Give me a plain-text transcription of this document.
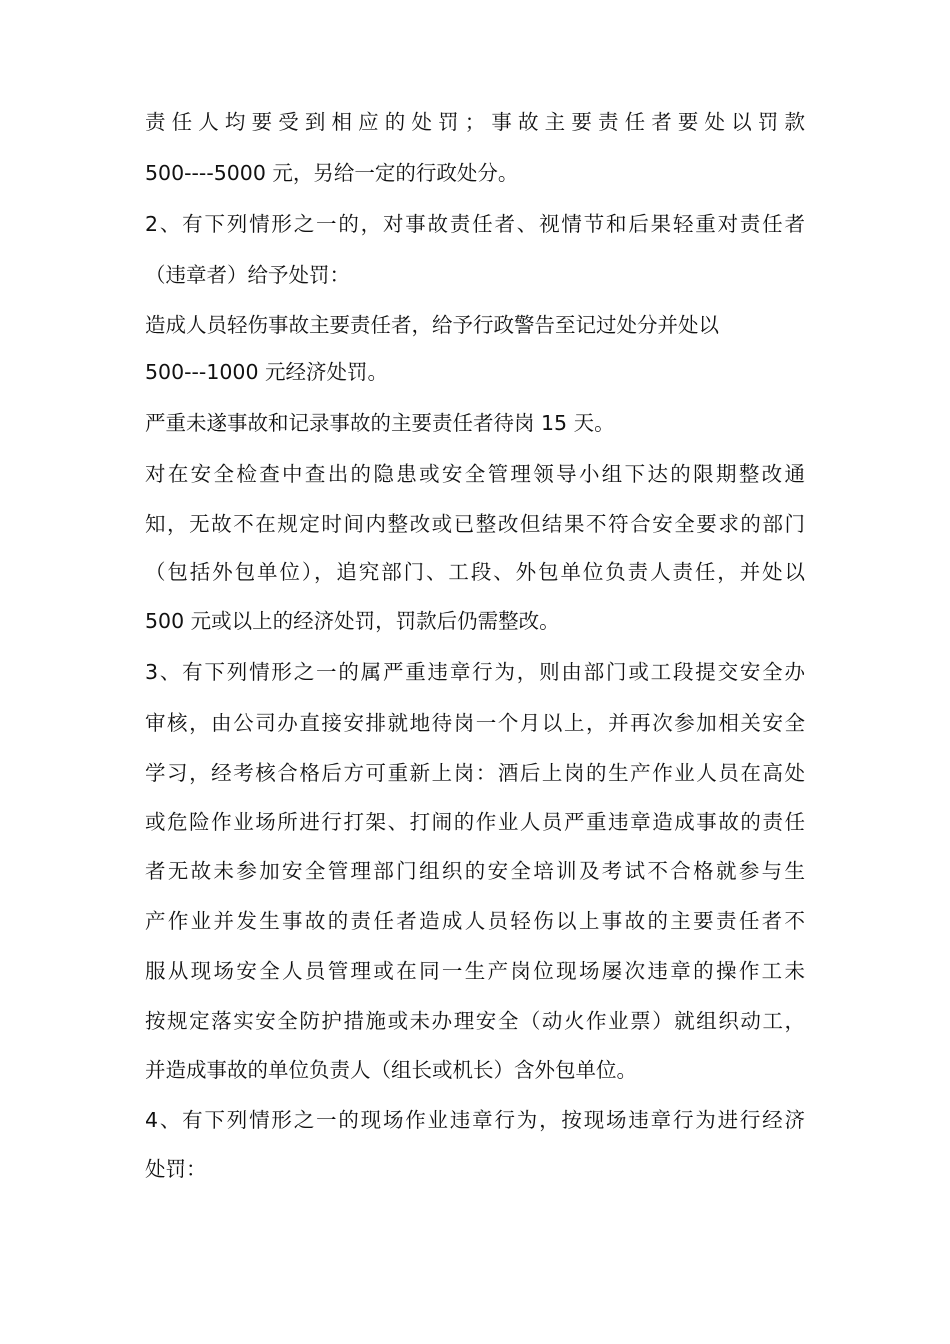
责任人均要受到相应的处罚；事故主要责任者要处以罚款

500----5000 元，另给一定的行政处分。

2、有下列情形之一的，对事故责任者、视情节和后果轻重对责任者

（违章者）给予处罚：

造成人员轻伤事故主要责任者，给予行政警告至记过处分并处以

500---1000 元经济处罚。

严重未遂事故和记录事故的主要责任者待岗 15 天。

对在安全检查中查出的隐患或安全管理领导小组下达的限期整改通

知，无故不在规定时间内整改或已整改但结果不符合安全要求的部门

（包括外包单位），追究部门、工段、外包单位负责人责任，并处以

500 元或以上的经济处罚，罚款后仍需整改。

3、有下列情形之一的属严重违章行为，则由部门或工段提交安全办

审核，由公司办直接安排就地待岗一个月以上，并再次参加相关安全

学习，经考核合格后方可重新上岗：酒后上岗的生产作业人员在高处

或危险作业场所进行打架、打闹的作业人员严重违章造成事故的责任

者无故未参加安全管理部门组织的安全培训及考试不合格就参与生

产作业并发生事故的责任者造成人员轻伤以上事故的主要责任者不

服从现场安全人员管理或在同一生产岗位现场屡次违章的操作工未

按规定落实安全防护措施或未办理安全（动火作业票）就组织动工，

并造成事故的单位负责人（组长或机长）含外包单位。

4、有下列情形之一的现场作业违章行为，按现场违章行为进行经济

处罚：
